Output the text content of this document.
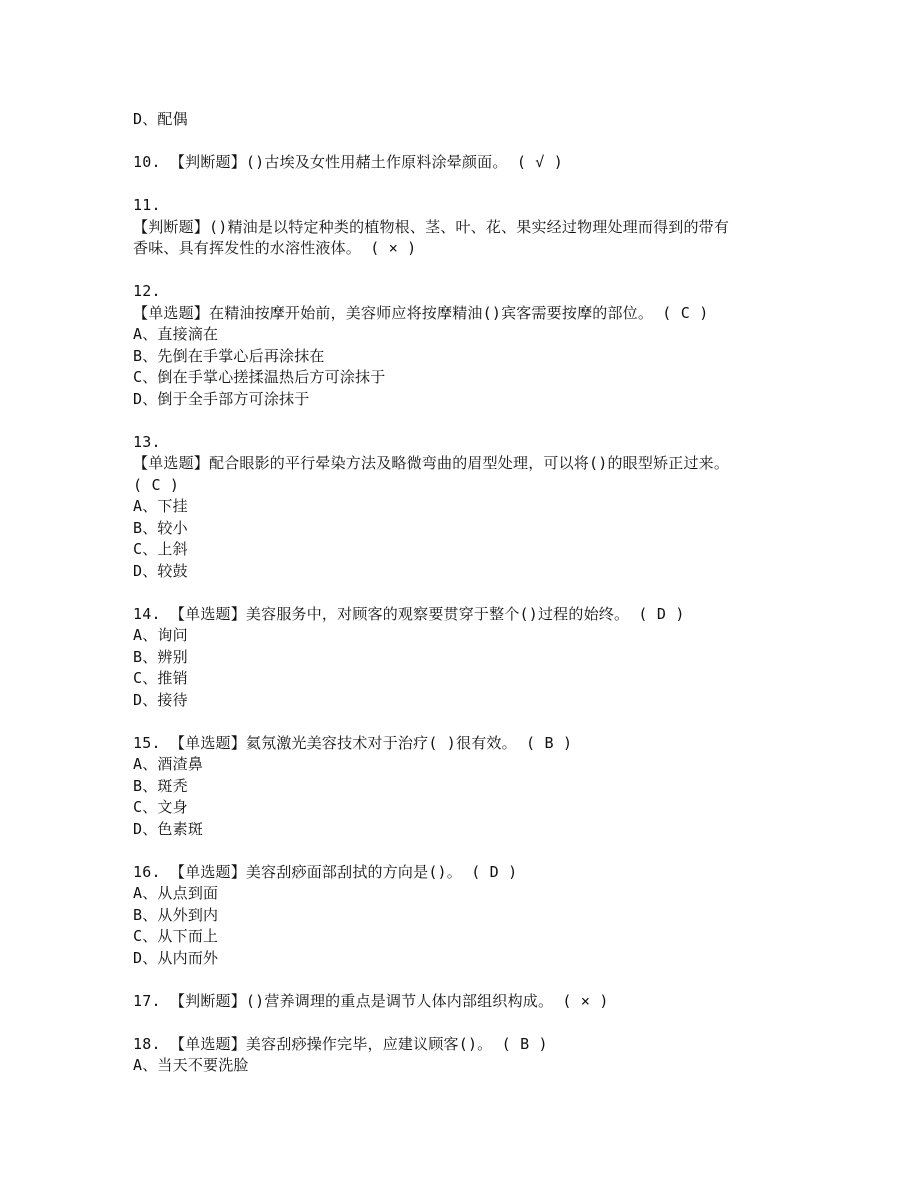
D、配偶
10. 【判断题】()古埃及女性用赭土作原料涂晕颜面。 ( √ )
11.
【判断题】()精油是以特定种类的植物根、茎、叶、花、果实经过物理处理而得到的带有
香味、具有挥发性的水溶性液体。 ( × )
12.
【单选题】在精油按摩开始前，美容师应将按摩精油()宾客需要按摩的部位。 ( C )
A、直接滴在
B、先倒在手掌心后再涂抹在
C、倒在手掌心搓揉温热后方可涂抹于
D、倒于全手部方可涂抹于
13.
【单选题】配合眼影的平行晕染方法及略微弯曲的眉型处理，可以将()的眼型矫正过来。
( C )
A、下挂
B、较小
C、上斜
D、较鼓
14. 【单选题】美容服务中，对顾客的观察要贯穿于整个()过程的始终。 ( D )
A、询问
B、辨别
C、推销
D、接待
15. 【单选题】氦氖激光美容技术对于治疗( )很有效。 ( B )
A、酒渣鼻
B、斑秃
C、文身
D、色素斑
16. 【单选题】美容刮痧面部刮拭的方向是()。 ( D )
A、从点到面
B、从外到内
C、从下而上
D、从内而外
17. 【判断题】()营养调理的重点是调节人体内部组织构成。 ( × )
18. 【单选题】美容刮痧操作完毕，应建议顾客()。 ( B )
A、当天不要洗脸
